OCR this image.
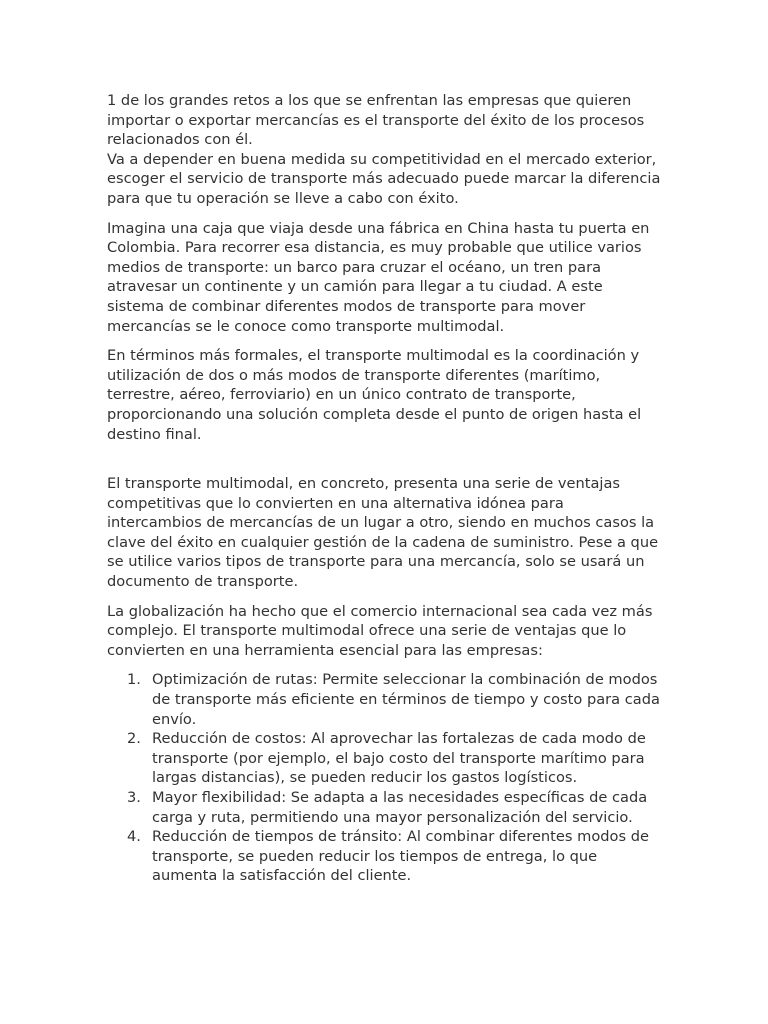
1 de los grandes retos a los que se enfrentan las empresas que quieren importar o exportar mercancías es el transporte del éxito de los procesos relacionados con él.

Va a depender en buena medida su competitividad en el mercado exterior, escoger el servicio de transporte más adecuado puede marcar la diferencia para que tu operación se lleve a cabo con éxito.

Imagina una caja que viaja desde una fábrica en China hasta tu puerta en Colombia. Para recorrer esa distancia, es muy probable que utilice varios medios de transporte: un barco para cruzar el océano, un tren para atravesar un continente y un camión para llegar a tu ciudad. A este sistema de combinar diferentes modos de transporte para mover mercancías se le conoce como transporte multimodal.

En términos más formales, el transporte multimodal es la coordinación y utilización de dos o más modos de transporte diferentes (marítimo, terrestre, aéreo, ferroviario) en un único contrato de transporte, proporcionando una solución completa desde el punto de origen hasta el destino final.

El transporte multimodal, en concreto, presenta una serie de ventajas competitivas que lo convierten en una alternativa idónea para intercambios de mercancías de un lugar a otro, siendo en muchos casos la clave del éxito en cualquier gestión de la cadena de suministro. Pese a que se utilice varios tipos de transporte para una mercancía, solo se usará un documento de transporte.

La globalización ha hecho que el comercio internacional sea cada vez más complejo. El transporte multimodal ofrece una serie de ventajas que lo convierten en una herramienta esencial para las empresas:

1. Optimización de rutas: Permite seleccionar la combinación de modos de transporte más eficiente en términos de tiempo y costo para cada envío.
2. Reducción de costos: Al aprovechar las fortalezas de cada modo de transporte (por ejemplo, el bajo costo del transporte marítimo para largas distancias), se pueden reducir los gastos logísticos.
3. Mayor flexibilidad: Se adapta a las necesidades específicas de cada carga y ruta, permitiendo una mayor personalización del servicio.
4. Reducción de tiempos de tránsito: Al combinar diferentes modos de transporte, se pueden reducir los tiempos de entrega, lo que aumenta la satisfacción del cliente.
